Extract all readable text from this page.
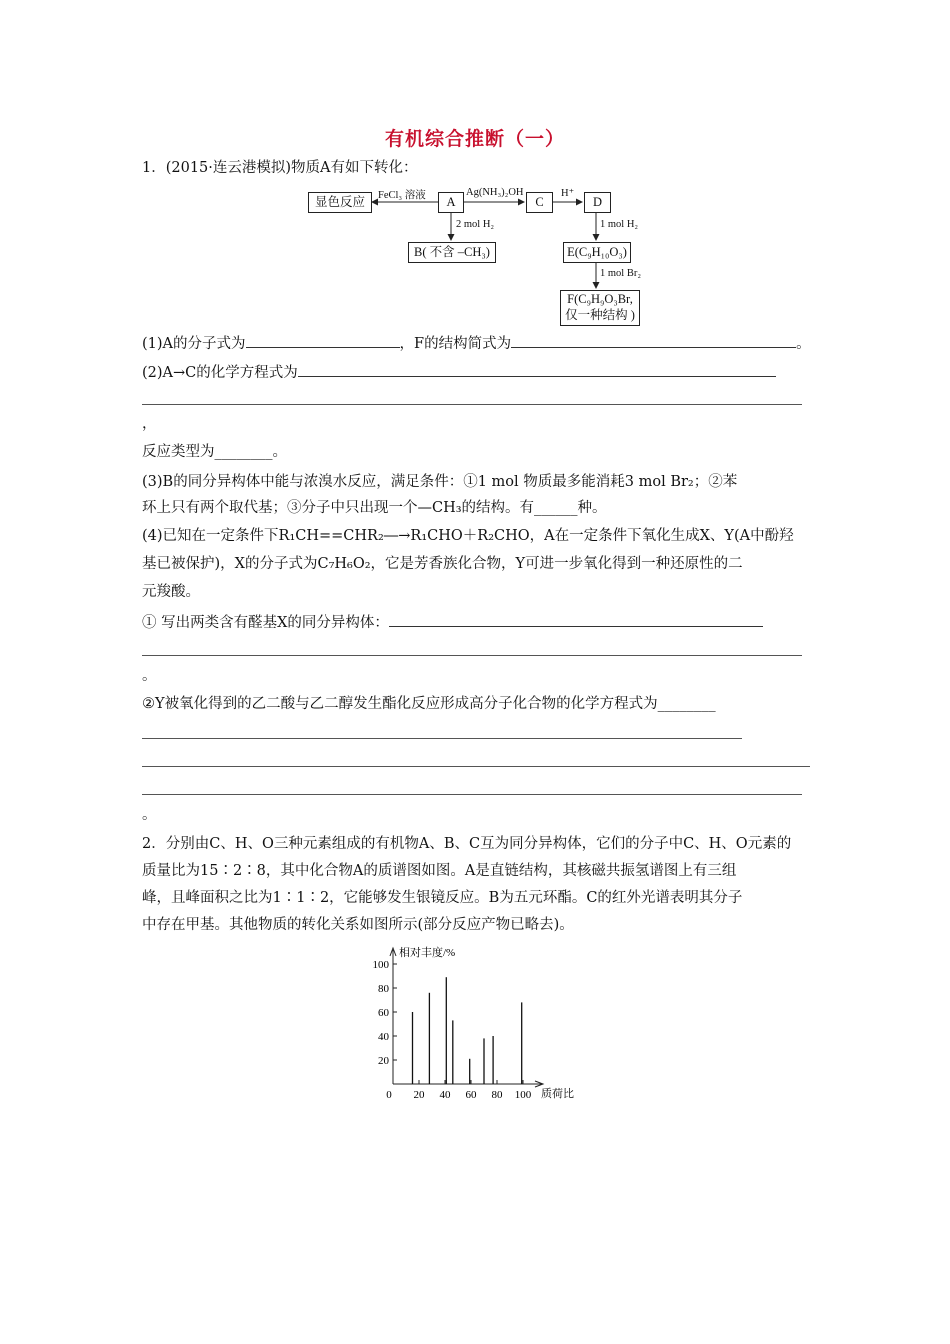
有机综合推断（一）
1．(2015·连云港模拟)物质A有如下转化：
显色反应	A	C	D
B( 不含 –CH₃)	E(C₉H₁₀O₃)
F(C₉H₉O₃Br,
仅一种结构 )
FeCl₃ 溶液	Ag(NH₃)₂OH	H⁺
2 mol H₂	1 mol H₂
1 mol Br₂
(1)A的分子式为	，F的结构简式为	。
(2)A→C的化学方程式为
，
反应类型为________。
(3)B的同分异构体中能与浓溴水反应，满足条件：①1 mol 物质最多能消耗3 mol Br₂；②苯
环上只有两个取代基；③分子中只出现一个—CH₃的结构。有______种。
(4)已知在一定条件下R₁CH==CHR₂―→R₁CHO＋R₂CHO，A在一定条件下氧化生成X、Y(A中酚羟
基已被保护)，X的分子式为C₇H₆O₂，它是芳香族化合物，Y可进一步氧化得到一种还原性的二
元羧酸。
① 写出两类含有醛基X的同分异构体：
。
②Y被氧化得到的乙二酸与乙二醇发生酯化反应形成高分子化合物的化学方程式为________
。
2．分别由C、H、O三种元素组成的有机物A、B、C互为同分异构体，它们的分子中C、H、O元素的
质量比为15∶2∶8，其中化合物A的质谱图如图。A是直链结构，其核磁共振氢谱图上有三组
峰，且峰面积之比为1∶1∶2，它能够发生银镜反应。B为五元环酯。C的红外光谱表明其分子
中存在甲基。其他物质的转化关系如图所示(部分反应产物已略去)。
相对丰度/%
质荷比
20
40
60
80
100
0 20 40 60 80 100
